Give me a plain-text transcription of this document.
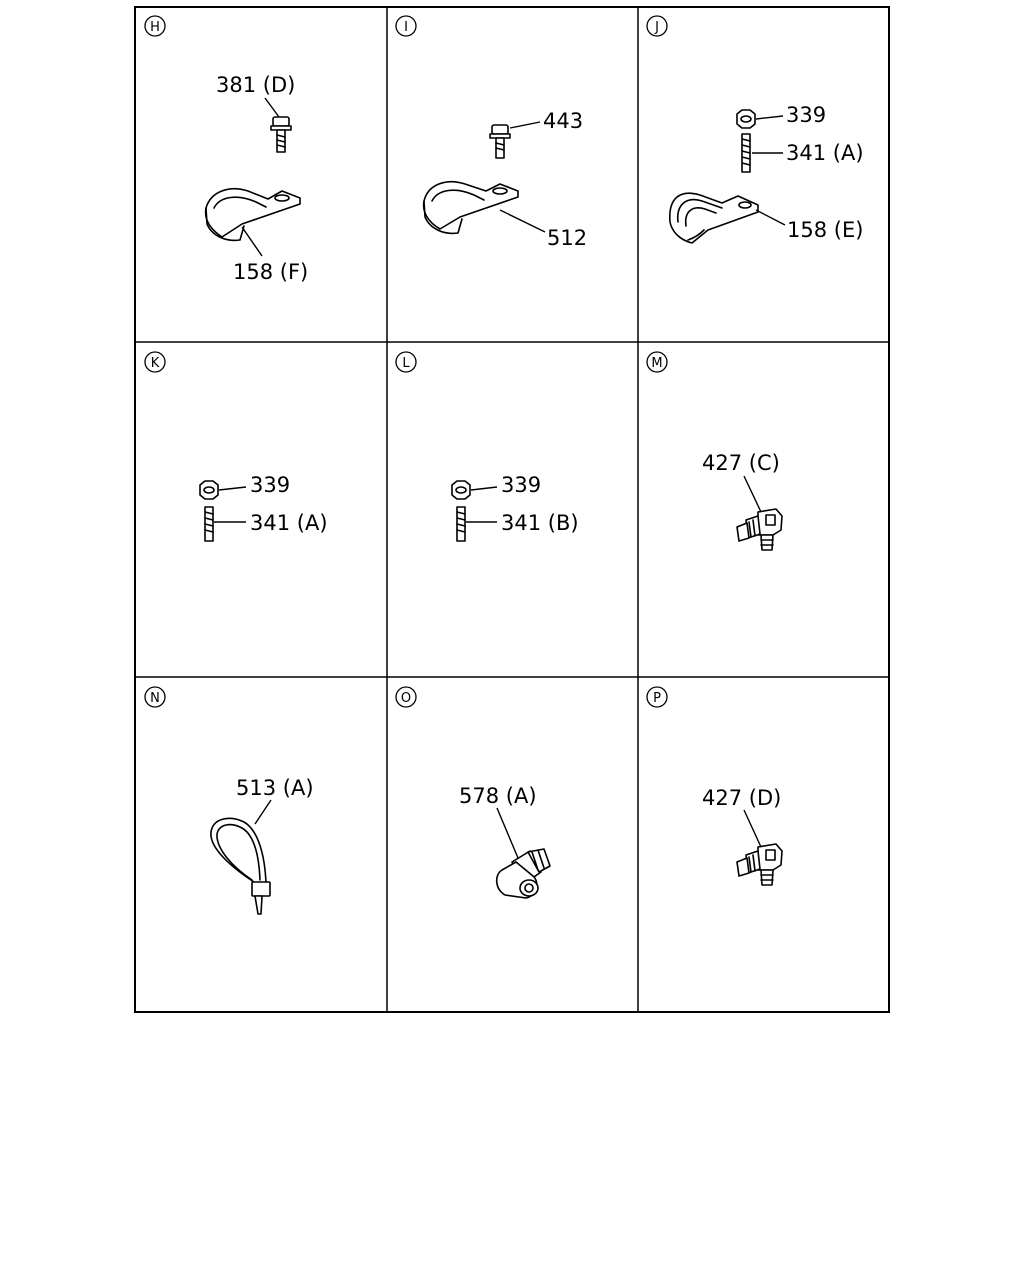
H
381 (D)
158 (F)
I
443
512
J
339
341 (A)
158 (E)
K
339
341 (A)
L
339
341 (B)
M
427 (C)
N
513 (A)
O
578 (A)
P
427 (D)
